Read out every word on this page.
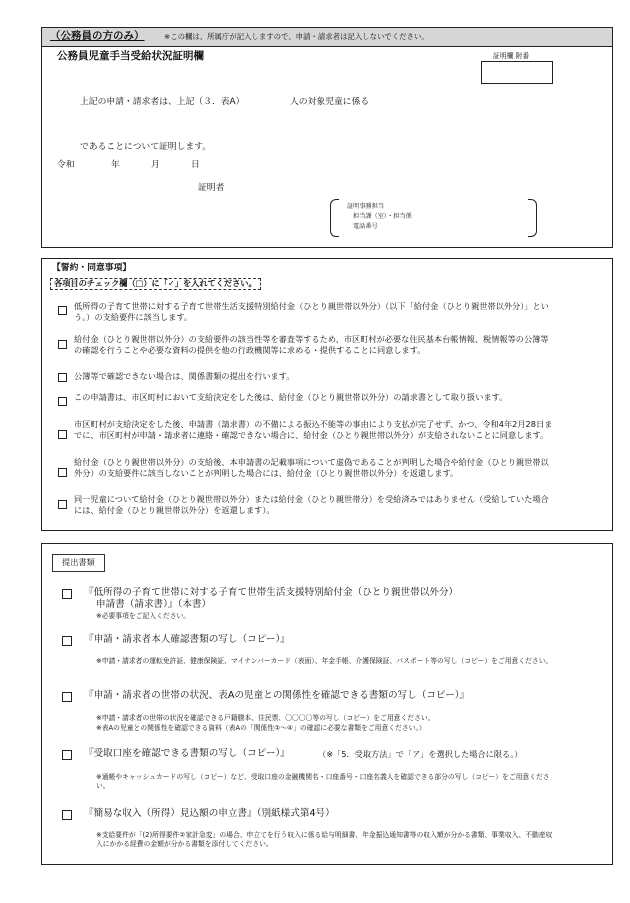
（公務員の方のみ）	※この欄は、所属庁が記入しますので、申請・請求者は記入しないでください。
公務員児童手当受給状況証明欄	証明欄 附番
上記の申請・請求者は、上記（３．表A）	人の対象児童に係る
であることについて証明します。
令和	年	月	日
証明者
証明事務担当
担当課（室）・担当係
電話番号
【誓約・同意事項】
各項目のチェック欄（□）に「✓」を入れてください。
低所得の子育て世帯に対する子育て世帯生活支援特別給付金（ひとり親世帯以外分）（以下「給付金（ひとり親世帯以外分）」という。）の支給要件に該当します。
給付金（ひとり親世帯以外分）の支給要件の該当性等を審査等するため、市区町村が必要な住民基本台帳情報、税情報等の公簿等の確認を行うことや必要な資料の提供を他の行政機関等に求める・提供することに同意します。
公簿等で確認できない場合は、関係書類の提出を行います。
この申請書は、市区町村において支給決定をした後は、給付金（ひとり親世帯以外分）の請求書として取り扱います。
市区町村が支給決定をした後、申請書（請求書）の不備による振込不能等の事由により支払が完了せず、かつ、令和4年2月28日までに、市区町村が申請・請求者に連絡・確認できない場合に、給付金（ひとり親世帯以外分）が支給されないことに同意します。
給付金（ひとり親世帯以外分）の支給後、本申請書の記載事項について虚偽であることが判明した場合や給付金（ひとり親世帯以外分）の支給要件に該当しないことが判明した場合には、給付金（ひとり親世帯以外分）を返還します。
同一児童について給付金（ひとり親世帯以外分）または給付金（ひとり親世帯分）を受給済みではありません（受給していた場合には、給付金（ひとり親世帯以外分）を返還します）。
提出書類
『低所得の子育て世帯に対する子育て世帯生活支援特別給付金（ひとり親世帯以外分）
申請書（請求書）』（本書）
※必要事項をご記入ください。
『申請・請求者本人確認書類の写し（コピー）』
※申請・請求者の運転免許証、健康保険証、マイナンバーカード（表面）、年金手帳、介護保険証、パスポート等の写し（コピー）をご用意ください。
『申請・請求者の世帯の状況、表Aの児童との関係性を確認できる書類の写し（コピー）』
※申請・請求者の世帯の状況を確認できる戸籍謄本、住民票、〇〇〇〇等の写し（コピー）をご用意ください。
※表Aの児童との関係性を確認できる資料（表Aの「関係性①～④」の確認に必要な書類をご用意ください。）
『受取口座を確認できる書類の写し（コピー）』	（※「5．受取方法」で「ア」を選択した場合に限る。）
※通帳やキャッシュカードの写し（コピー）など、受取口座の金融機関名・口座番号・口座名義人を確認できる部分の写し（コピー）をご用意ください。
『簡易な収入（所得）見込額の申立書』（別紙様式第4号）
※支給要件が「(2)所得要件②家計急変」の場合、申立てを行う収入に係る給与明細書、年金振込通知書等の収入額が分かる書類、事業収入、不動産収入にかかる経費の金額が分かる書類を添付してください。
